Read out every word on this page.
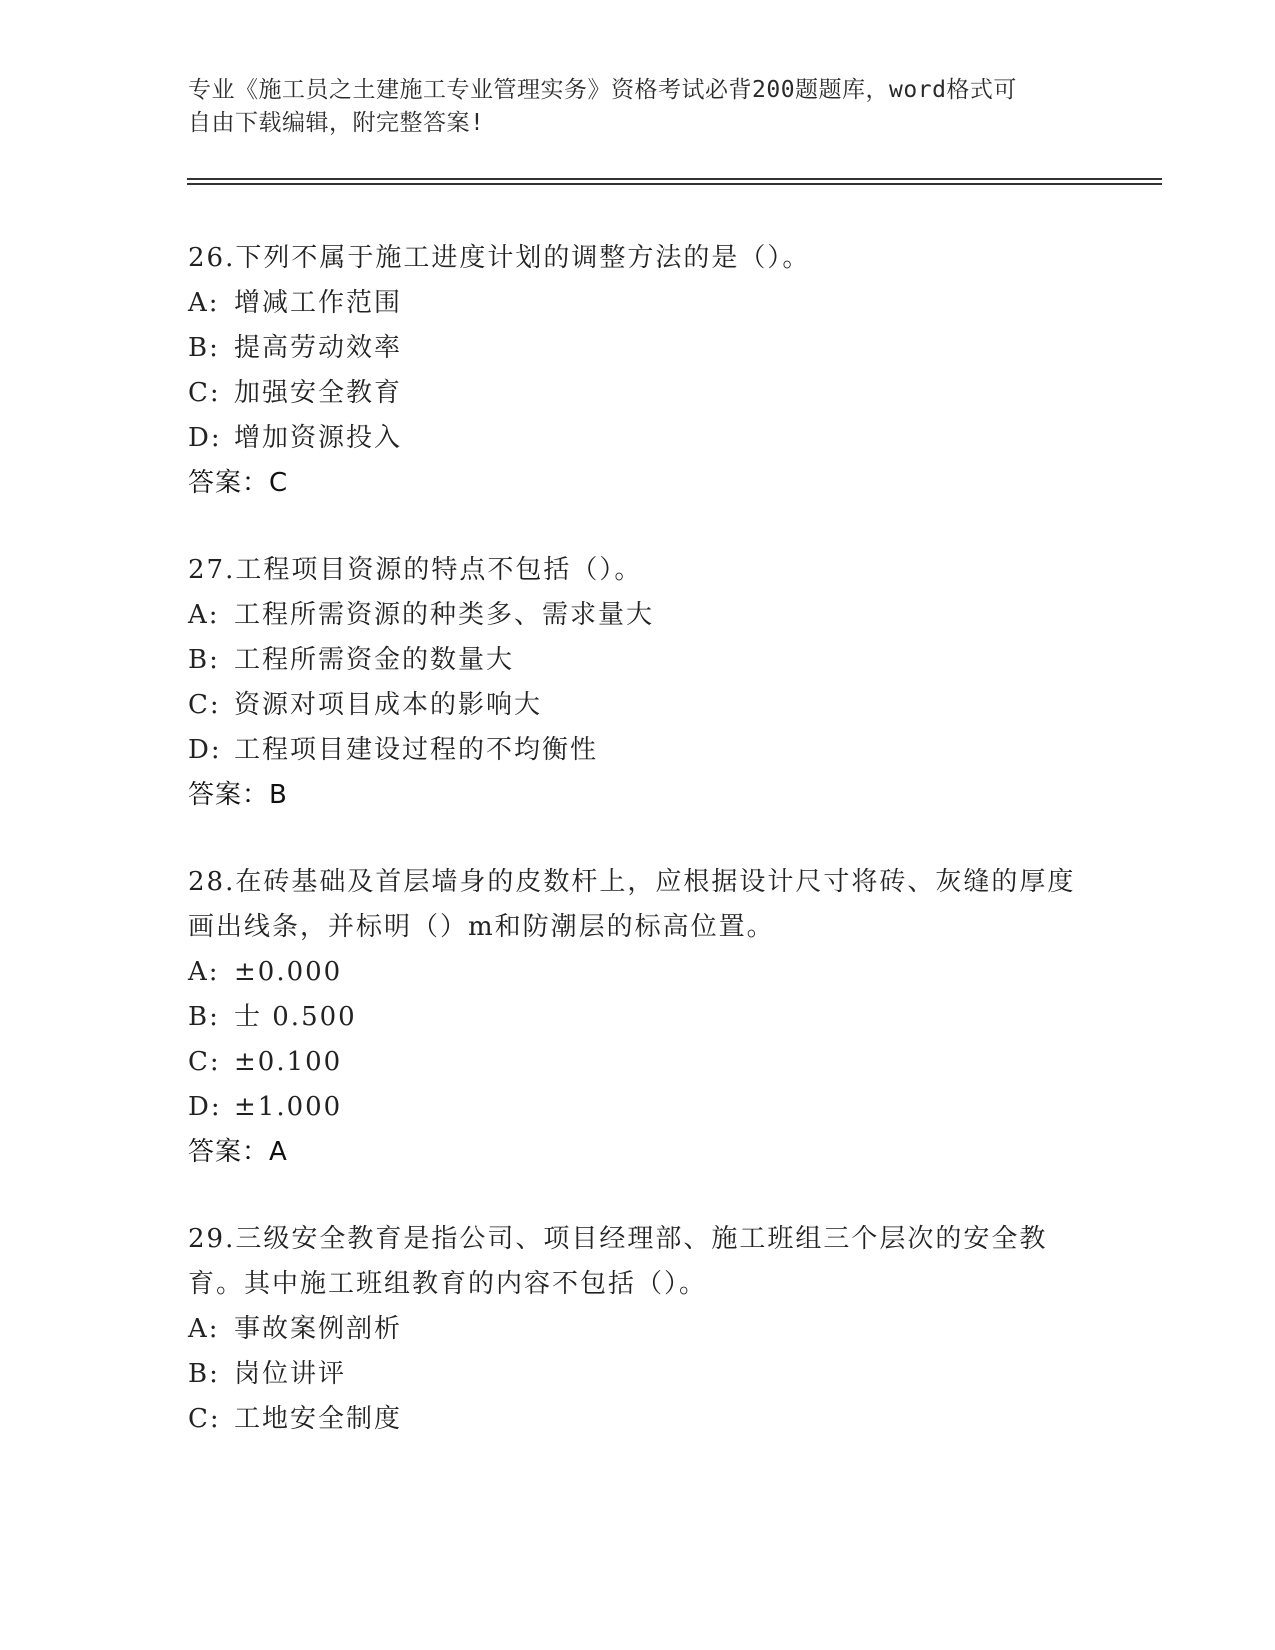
专业《施工员之土建施工专业管理实务》资格考试必背200题题库，word格式可
自由下载编辑，附完整答案!
26.下列不属于施工进度计划的调整方法的是（）。
A: 增减工作范围
B: 提高劳动效率
C: 加强安全教育
D: 增加资源投入
答案：C
27.工程项目资源的特点不包括（）。
A: 工程所需资源的种类多、需求量大
B: 工程所需资金的数量大
C: 资源对项目成本的影响大
D: 工程项目建设过程的不均衡性
答案：B
28.在砖基础及首层墙身的皮数杆上，应根据设计尺寸将砖、灰缝的厚度画出线条，并标明（）m和防潮层的标高位置。
A: ±0.000
B: 士 0.500
C: ±0.100
D: ±1.000
答案：A
29.三级安全教育是指公司、项目经理部、施工班组三个层次的安全教育。其中施工班组教育的内容不包括（）。
A: 事故案例剖析
B: 岗位讲评
C: 工地安全制度
